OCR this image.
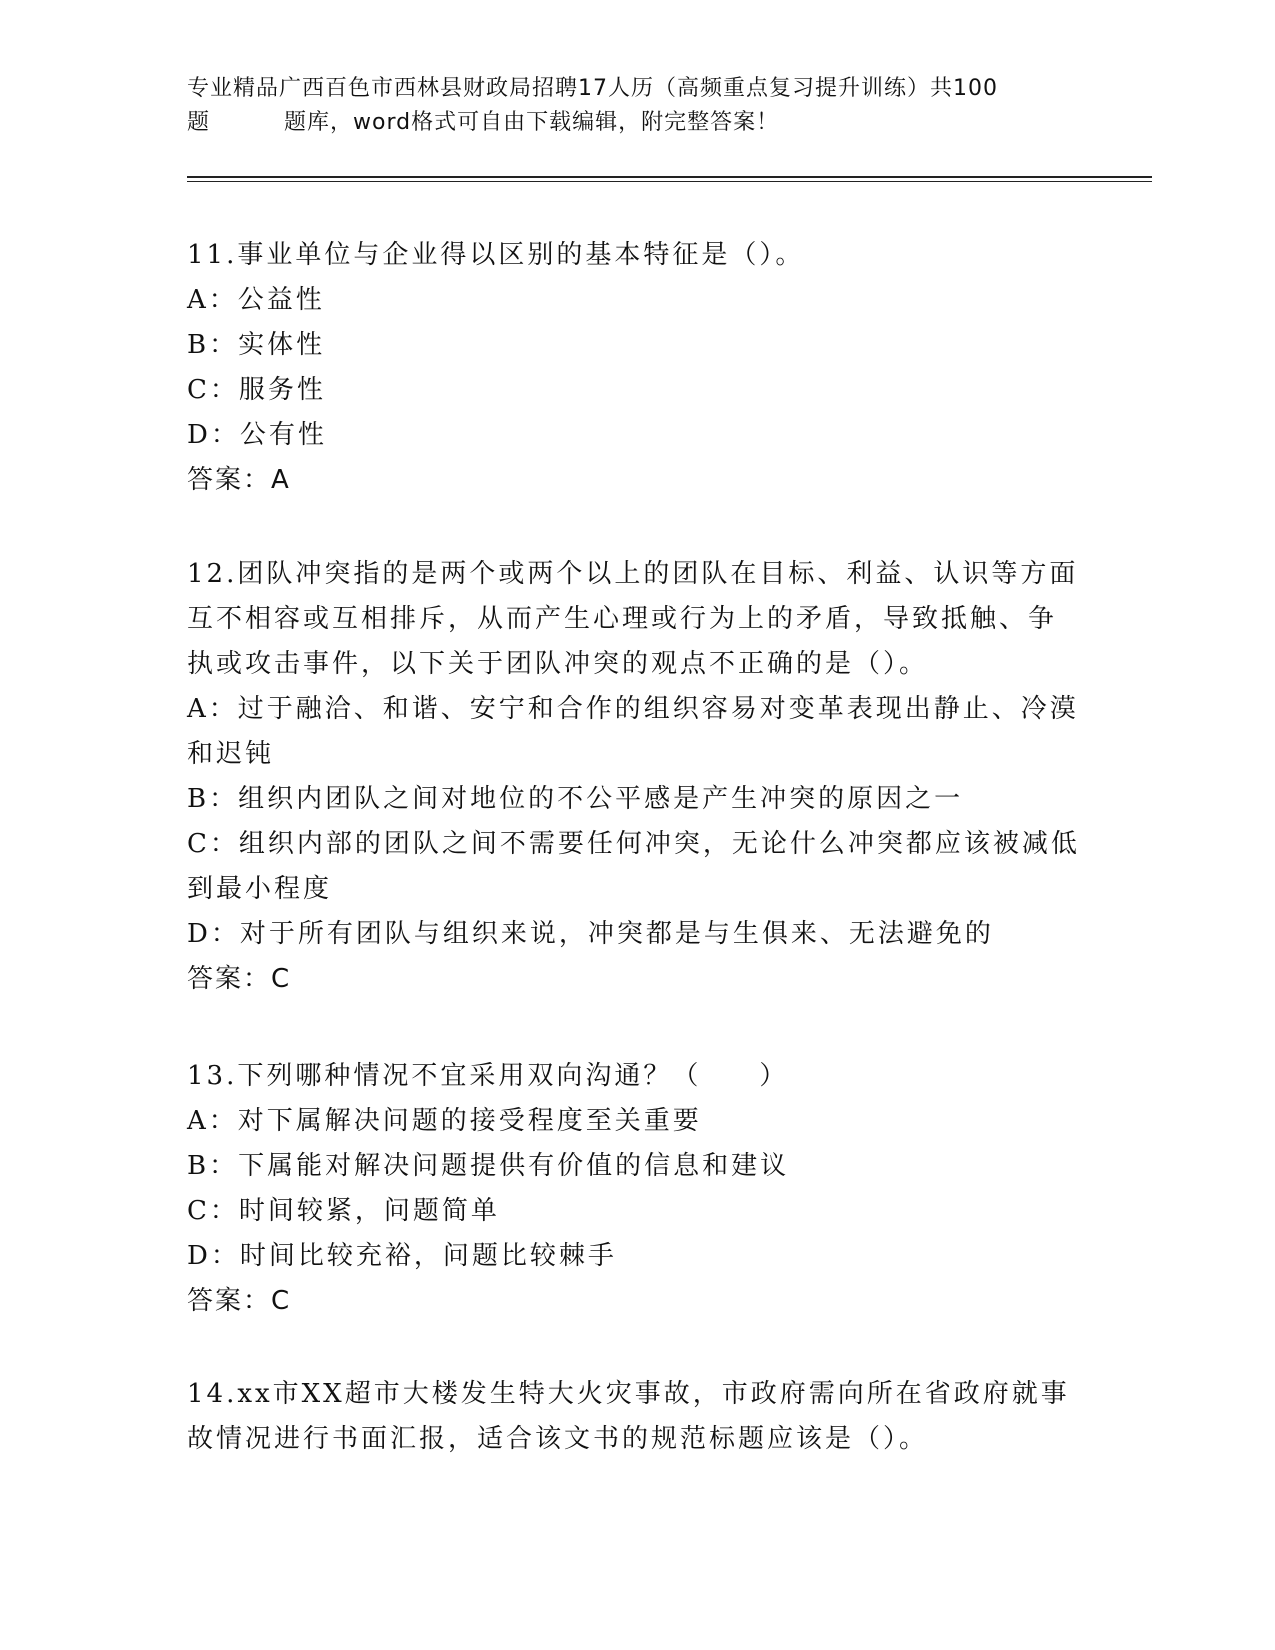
专业精品广西百色市西林县财政局招聘17人历（高频重点复习提升训练）共100
题	题库，word格式可自由下载编辑，附完整答案！
11.事业单位与企业得以区别的基本特征是（）。
A：公益性
B：实体性
C：服务性
D：公有性
答案：A
12.团队冲突指的是两个或两个以上的团队在目标、利益、认识等方面
互不相容或互相排斥，从而产生心理或行为上的矛盾，导致抵触、争
执或攻击事件，以下关于团队冲突的观点不正确的是（）。
A：过于融洽、和谐、安宁和合作的组织容易对变革表现出静止、冷漠
和迟钝
B：组织内团队之间对地位的不公平感是产生冲突的原因之一
C：组织内部的团队之间不需要任何冲突，无论什么冲突都应该被减低
到最小程度
D：对于所有团队与组织来说，冲突都是与生俱来、无法避免的
答案：C
13.下列哪种情况不宜采用双向沟通？（　　）
A：对下属解决问题的接受程度至关重要
B：下属能对解决问题提供有价值的信息和建议
C：时间较紧，问题简单
D：时间比较充裕，问题比较棘手
答案：C
14.xx市XX超市大楼发生特大火灾事故，市政府需向所在省政府就事
故情况进行书面汇报，适合该文书的规范标题应该是（）。
